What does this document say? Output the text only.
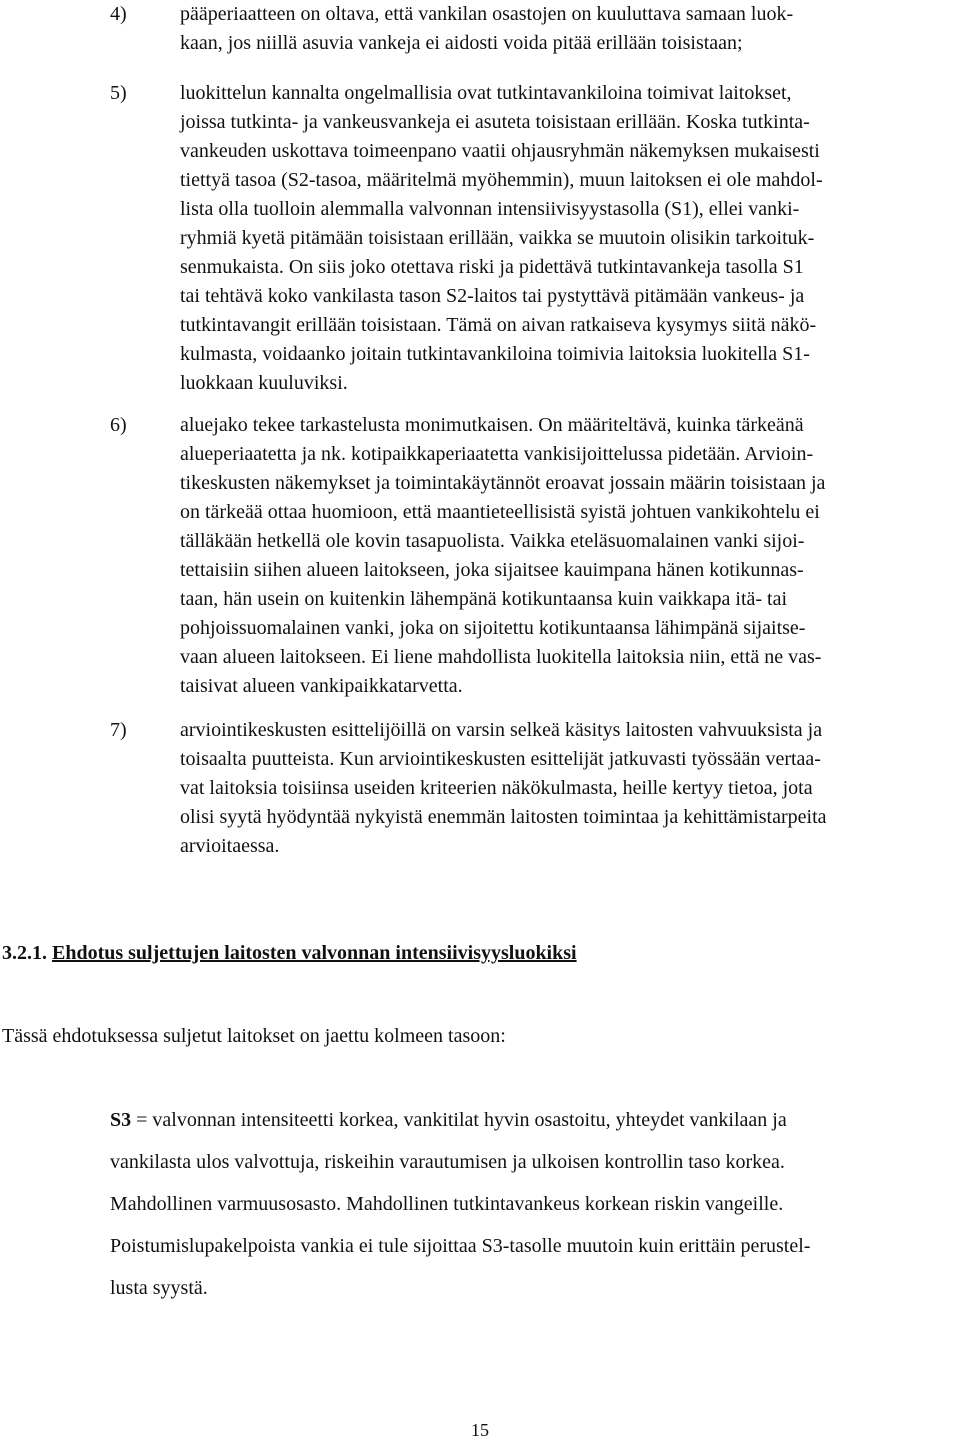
4)	pääperiaatteen on oltava, että vankilan osastojen on kuuluttava samaan luok-
kaan, jos niillä asuvia vankeja ei aidosti voida pitää erillään toisistaan;
5)	luokittelun kannalta ongelmallisia ovat tutkintavankiloina toimivat laitokset,
joissa tutkinta- ja vankeusvankeja ei asuteta toisistaan erillään. Koska tutkinta-
vankeuden uskottava toimeenpano vaatii ohjausryhmän näkemyksen mukaisesti
tiettyä tasoa (S2-tasoa, määritelmä myöhemmin), muun laitoksen ei ole mahdol-
lista olla tuolloin alemmalla valvonnan intensiivisyystasolla (S1), ellei vanki-
ryhmiä kyetä pitämään toisistaan erillään, vaikka se muutoin olisikin tarkoituk-
senmukaista. On siis joko otettava riski ja pidettävä tutkintavankeja tasolla S1
tai tehtävä koko vankilasta tason S2-laitos tai pystyttävä pitämään vankeus- ja
tutkintavangit erillään toisistaan. Tämä on aivan ratkaiseva kysymys siitä näkö-
kulmasta, voidaanko joitain tutkintavankiloina toimivia laitoksia luokitella S1-
luokkaan kuuluviksi.
6)	aluejako tekee tarkastelusta monimutkaisen. On määriteltävä, kuinka tärkeänä
alueperiaatetta ja nk. kotipaikkaperiaatetta vankisijoittelussa pidetään. Arvioin-
tikeskusten näkemykset ja toimintakäytännöt eroavat jossain määrin toisistaan ja
on tärkeää ottaa huomioon, että maantieteellisistä syistä johtuen vankikohtelu ei
tälläkään hetkellä ole kovin tasapuolista. Vaikka eteläsuomalainen vanki sijoi-
tettaisiin siihen alueen laitokseen, joka sijaitsee kauimpana hänen kotikunnas-
taan, hän usein on kuitenkin lähempänä kotikuntaansa kuin vaikkapa itä- tai
pohjoissuomalainen vanki, joka on sijoitettu kotikuntaansa lähimpänä sijaitse-
vaan alueen laitokseen. Ei liene mahdollista luokitella laitoksia niin, että ne vas-
taisivat alueen vankipaikkatarvetta.
7)	arviointikeskusten esittelijöillä on varsin selkeä käsitys laitosten vahvuuksista ja
toisaalta puutteista. Kun arviointikeskusten esittelijät jatkuvasti työssään vertaa-
vat laitoksia toisiinsa useiden kriteerien näkökulmasta, heille kertyy tietoa, jota
olisi syytä hyödyntää nykyistä enemmän laitosten toimintaa ja kehittämistarpeita
arvioitaessa.
3.2.1. Ehdotus suljettujen laitosten valvonnan intensiivisyysluokiksi
Tässä ehdotuksessa suljetut laitokset on jaettu kolmeen tasoon:
S3 = valvonnan intensiteetti korkea, vankitilat hyvin osastoitu, yhteydet vankilaan ja
vankilasta ulos valvottuja, riskeihin varautumisen ja ulkoisen kontrollin taso korkea.
Mahdollinen varmuusosasto. Mahdollinen tutkintavankeus korkean riskin vangeille.
Poistumislupakelpoista vankia ei tule sijoittaa S3-tasolle muutoin kuin erittäin perustel-
lusta syystä.
15
